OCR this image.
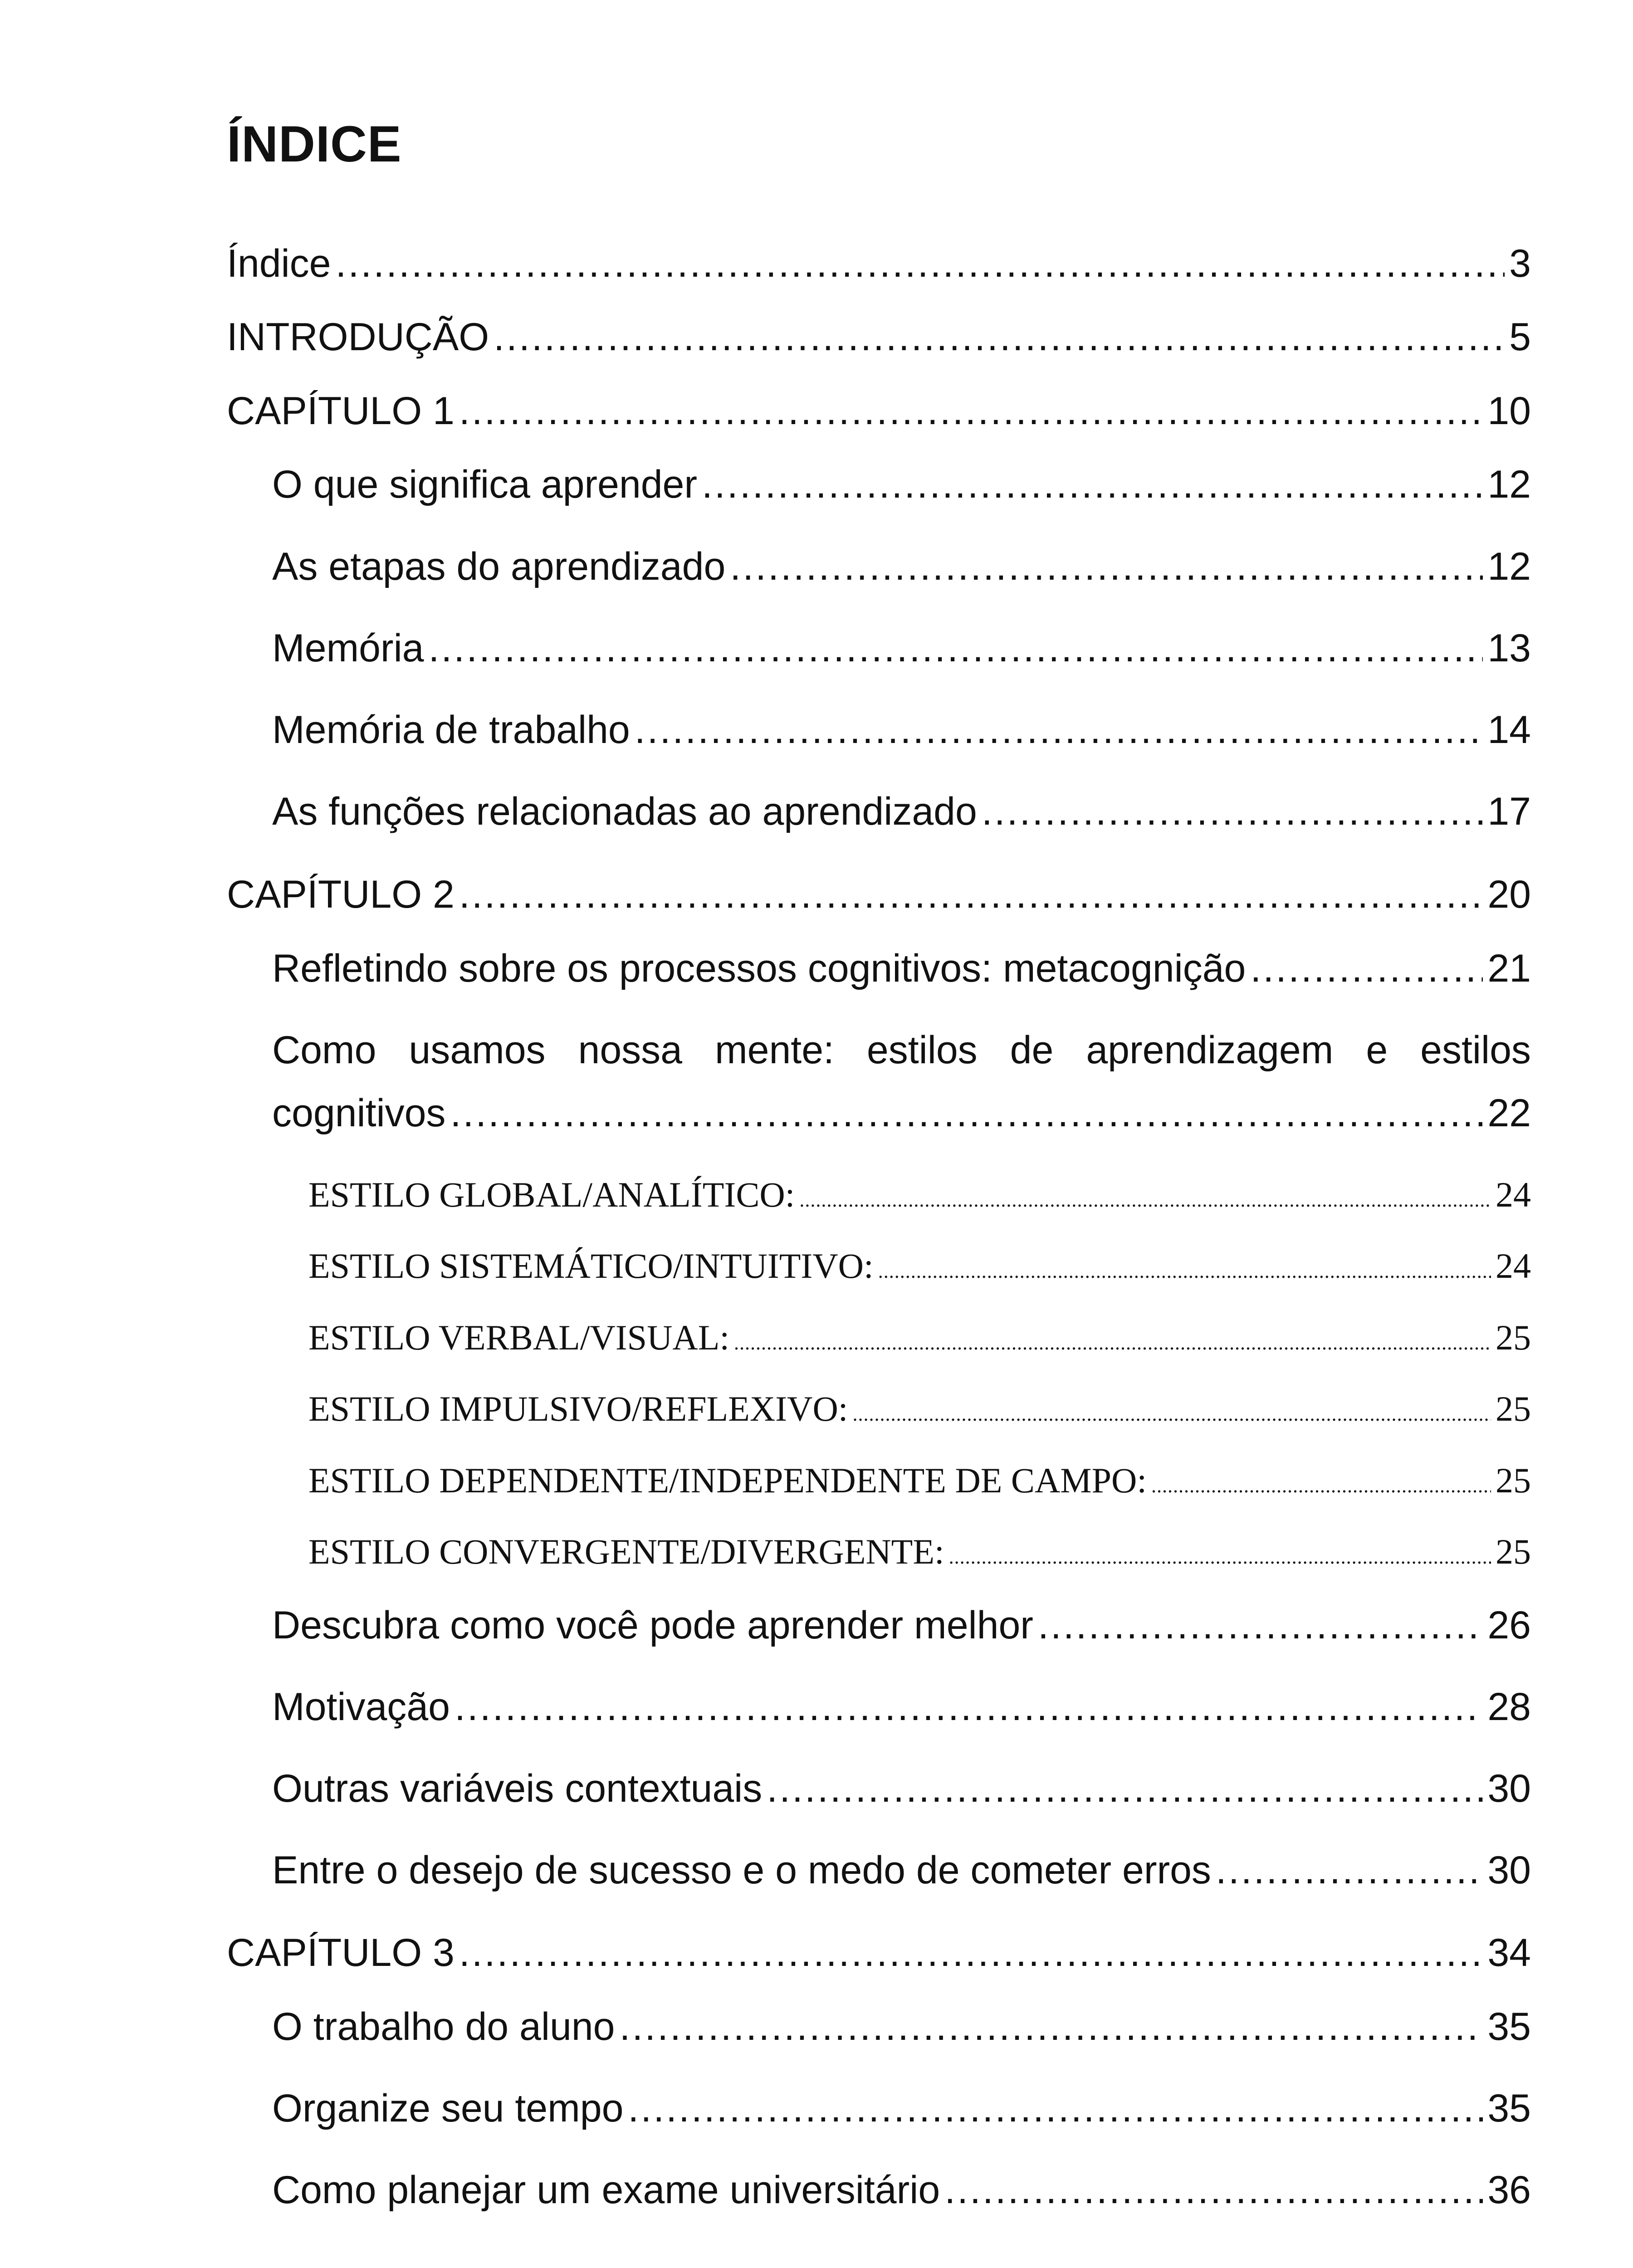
ÍNDICE
Índice .....	3
INTRODUÇÃO .....	5
CAPÍTULO 1 .....	10
O que significa aprender .....	12
As etapas do aprendizado .....	12
Memória .....	13
Memória de trabalho .....	14
As funções relacionadas ao aprendizado .....	17
CAPÍTULO 2 .....	20
Refletindo sobre os processos cognitivos: metacognição .....	21
Como usamos nossa mente: estilos de aprendizagem e estilos
cognitivos .....	22
ESTILO GLOBAL/ANALÍTICO: .....	24
ESTILO SISTEMÁTICO/INTUITIVO: .....	24
ESTILO VERBAL/VISUAL: .....	25
ESTILO IMPULSIVO/REFLEXIVO: .....	25
ESTILO DEPENDENTE/INDEPENDENTE DE CAMPO: .....	25
ESTILO CONVERGENTE/DIVERGENTE: .....	25
Descubra como você pode aprender melhor .....	26
Motivação .....	28
Outras variáveis contextuais .....	30
Entre o desejo de sucesso e o medo de cometer erros .....	30
CAPÍTULO 3 .....	34
O trabalho do aluno .....	35
Organize seu tempo .....	35
Como planejar um exame universitário .....	36
